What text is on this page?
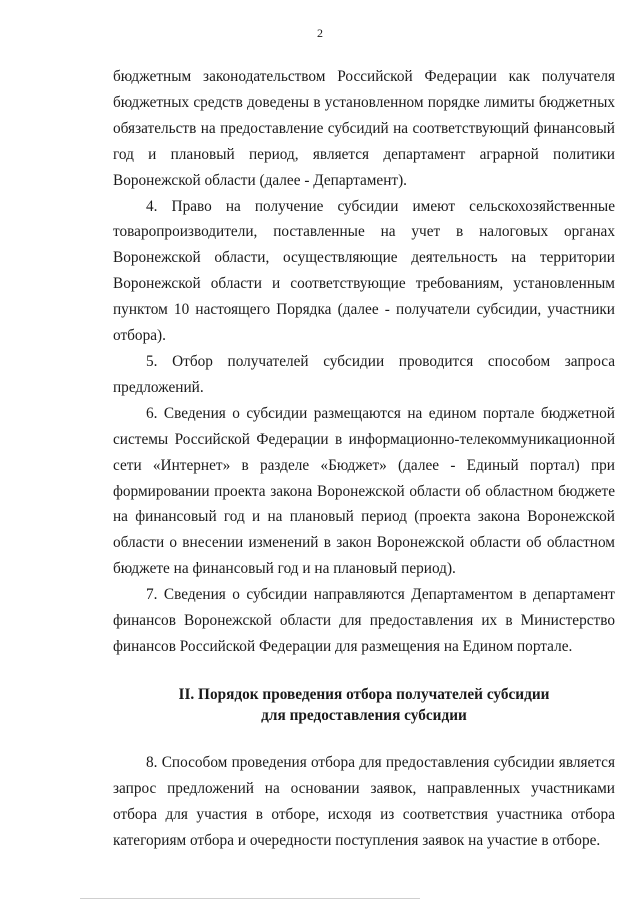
2

бюджетным законодательством Российской Федерации как получателя бюджетных средств доведены в установленном порядке лимиты бюджетных обязательств на предоставление субсидий на соответствующий финансовый год и плановый период, является департамент аграрной политики Воронежской области (далее - Департамент).

4. Право на получение субсидии имеют сельскохозяйственные товаропроизводители, поставленные на учет в налоговых органах Воронежской области, осуществляющие деятельность на территории Воронежской области и соответствующие требованиям, установленным пунктом 10 настоящего Порядка (далее - получатели субсидии, участники отбора).

5. Отбор получателей субсидии проводится способом запроса предложений.

6. Сведения о субсидии размещаются на едином портале бюджетной системы Российской Федерации в информационно-телекоммуникационной сети «Интернет» в разделе «Бюджет» (далее - Единый портал) при формировании проекта закона Воронежской области об областном бюджете на финансовый год и на плановый период (проекта закона Воронежской области о внесении изменений в закон Воронежской области об областном бюджете на финансовый год и на плановый период).

7. Сведения о субсидии направляются Департаментом в департамент финансов Воронежской области для предоставления их в Министерство финансов Российской Федерации для размещения на Едином портале.

II. Порядок проведения отбора получателей субсидии
для предоставления субсидии

8. Способом проведения отбора для предоставления субсидии является запрос предложений на основании заявок, направленных участниками отбора для участия в отборе, исходя из соответствия участника отбора категориям отбора и очередности поступления заявок на участие в отборе.
